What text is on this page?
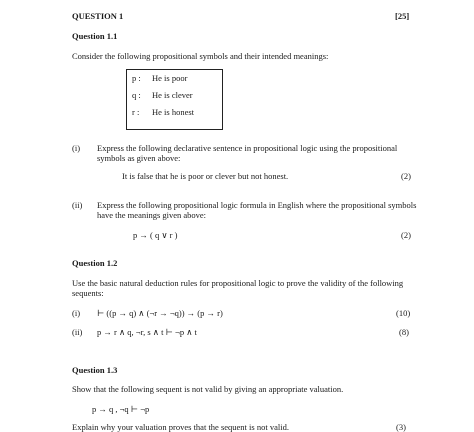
QUESTION 1	[25]
Question 1.1
Consider the following propositional symbols and their intended meanings:
p : He is poor
q : He is clever
r : He is honest
(i) Express the following declarative sentence in propositional logic using the propositional symbols as given above:
It is false that he is poor or clever but not honest.	(2)
(ii) Express the following propositional logic formula in English where the propositional symbols have the meanings given above:
p → ( q ∨ r )	(2)
Question 1.2
Use the basic natural deduction rules for propositional logic to prove the validity of the following sequents:
(i) ⊢ ((p → q) ∧ (¬r → ¬q)) → (p → r)	(10)
(ii) p → r ∧ q, ¬r, s ∧ t ⊢ ¬p ∧ t	(8)
Question 1.3
Show that the following sequent is not valid by giving an appropriate valuation.
p → q , ¬q ⊢ ¬p
Explain why your valuation proves that the sequent is not valid.	(3)
